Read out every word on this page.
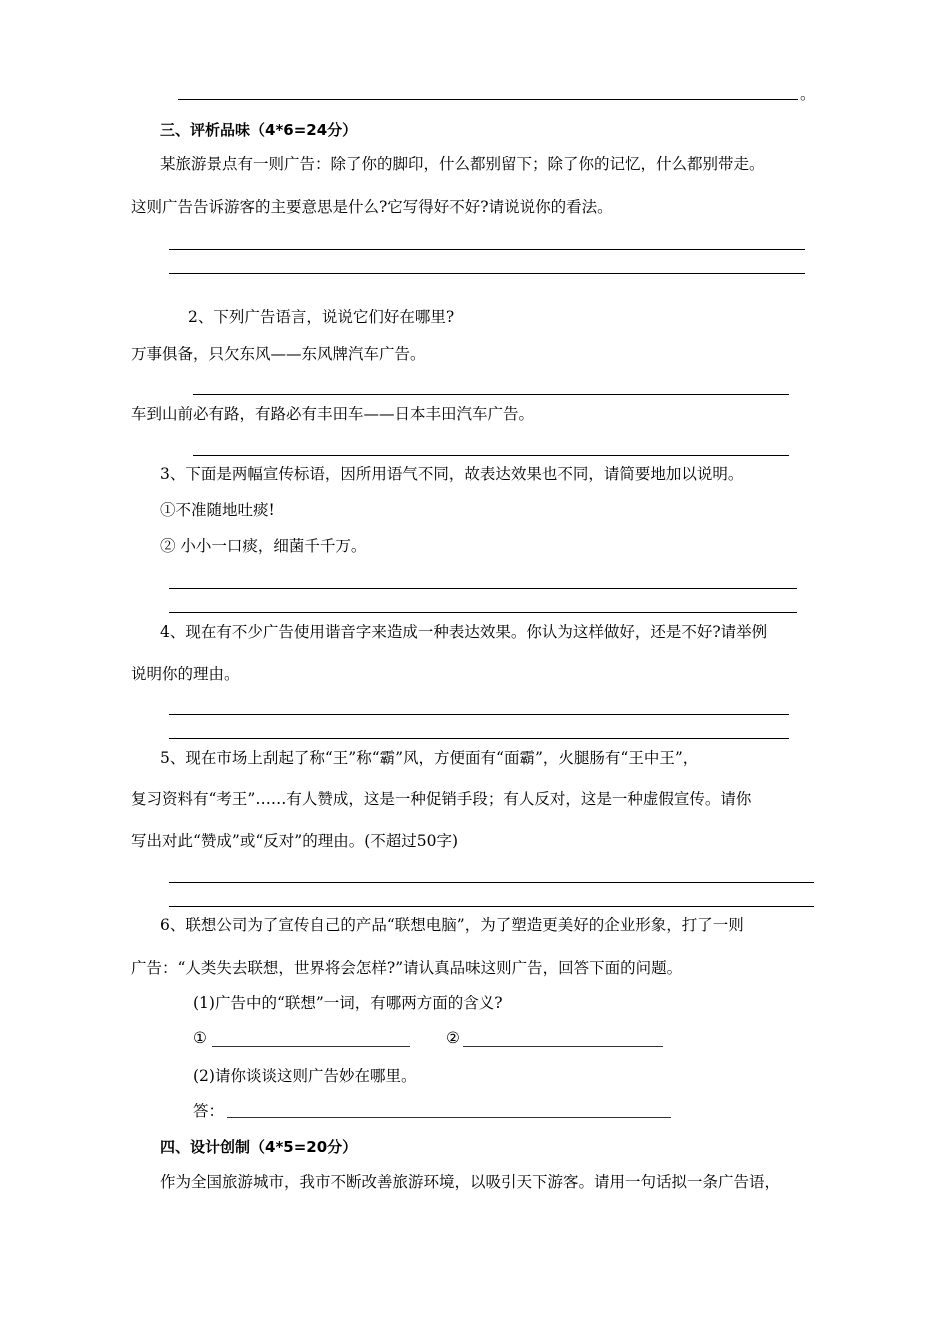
。
三、评析品味（4*6=24分）
某旅游景点有一则广告：除了你的脚印，什么都别留下；除了你的记忆，什么都别带走。
这则广告告诉游客的主要意思是什么?它写得好不好?请说说你的看法。
2、下列广告语言，说说它们好在哪里?
万事俱备，只欠东风——东风牌汽车广告。
车到山前必有路，有路必有丰田车——日本丰田汽车广告。
3、下面是两幅宣传标语，因所用语气不同，故表达效果也不同，请简要地加以说明。
①不准随地吐痰!
② 小小一口痰，细菌千千万。
4、现在有不少广告使用谐音字来造成一种表达效果。你认为这样做好，还是不好?请举例
说明你的理由。
5、现在市场上刮起了称“王”称“霸”风，方便面有“面霸”，火腿肠有“王中王”，
复习资料有“考王”……有人赞成，这是一种促销手段；有人反对，这是一种虚假宣传。请你
写出对此“赞成”或“反对”的理由。(不超过50字)
6、联想公司为了宣传自己的产品“联想电脑”，为了塑造更美好的企业形象，打了一则
广告：“人类失去联想，世界将会怎样?”请认真品味这则广告，回答下面的问题。
(1)广告中的“联想”一词，有哪两方面的含义?
①	②
(2)请你谈谈这则广告妙在哪里。
答：
四、设计创制（4*5=20分）
作为全国旅游城市，我市不断改善旅游环境，以吸引天下游客。请用一句话拟一条广告语，
